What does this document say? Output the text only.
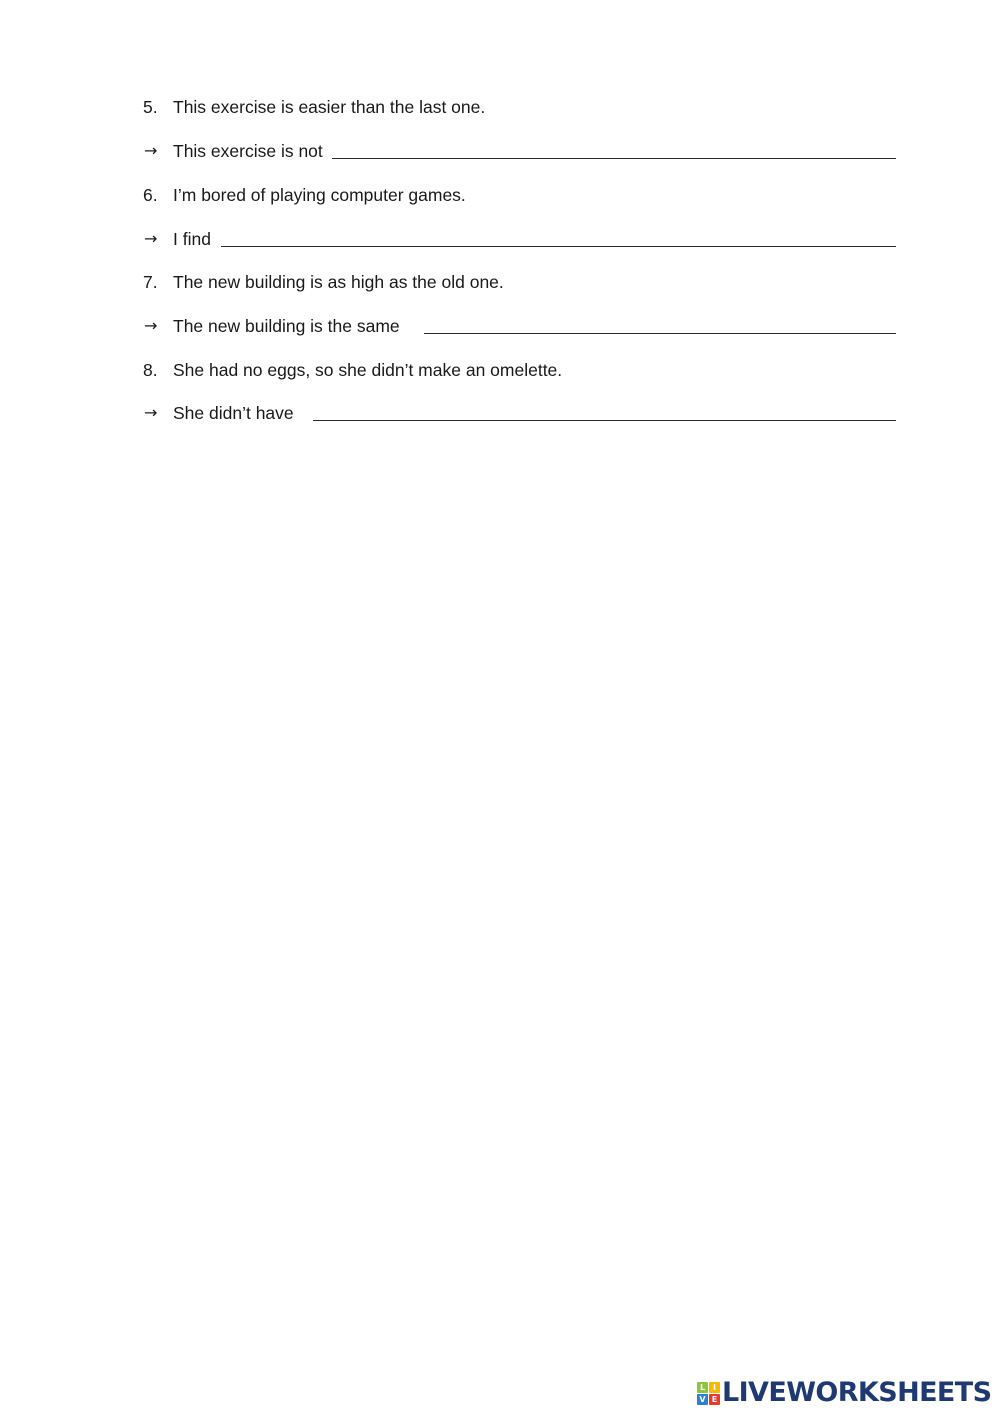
5. This exercise is easier than the last one.
→ This exercise is not
6. I’m bored of playing computer games.
→ I find
7. The new building is as high as the old one.
→ The new building is the same
8. She had no eggs, so she didn’t make an omelette.
→ She didn’t have
L I
V E LIVEWORKSHEETS
